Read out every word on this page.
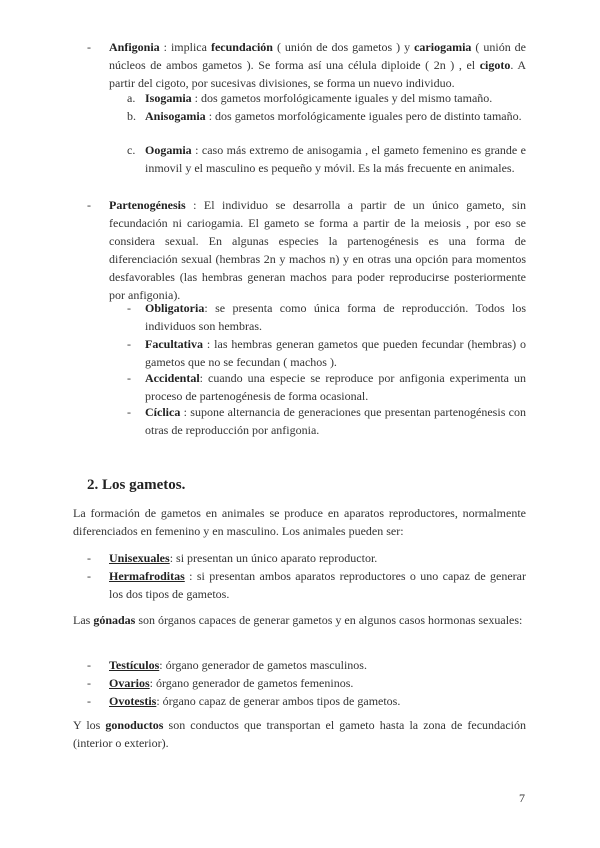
- Anfigonia : implica fecundación ( unión de dos gametos ) y cariogamia ( unión de núcleos de ambos gametos ). Se forma así una célula diploide ( 2n ) , el cigoto. A partir del cigoto, por sucesivas divisiones, se forma un nuevo individuo.
a. Isogamia : dos gametos morfológicamente iguales y del mismo tamaño.
b. Anisogamia : dos gametos morfológicamente iguales pero de distinto tamaño.
c. Oogamia : caso más extremo de anisogamia , el gameto femenino es grande e inmovil y el masculino es pequeño y móvil. Es la más frecuente en animales.
- Partenogénesis : El individuo se desarrolla a partir de un único gameto, sin fecundación ni cariogamia. El gameto se forma a partir de la meiosis , por eso se considera sexual. En algunas especies la partenogénesis es una forma de diferenciación sexual (hembras 2n y machos n) y en otras una opción para momentos desfavorables (las hembras generan machos para poder reproducirse posteriormente por anfigonia).
- Obligatoria: se presenta como única forma de reproducción. Todos los individuos son hembras.
- Facultativa : las hembras generan gametos que pueden fecundar (hembras) o gametos que no se fecundan ( machos ).
- Accidental: cuando una especie se reproduce por anfigonia experimenta un proceso de partenogénesis de forma ocasional.
- Cíclica : supone alternancia de generaciones que presentan partenogénesis con otras de reproducción por anfigonia.
2. Los gametos.
La formación de gametos en animales se produce en aparatos reproductores, normalmente diferenciados en femenino y en masculino. Los animales pueden ser:
- Unisexuales: si presentan un único aparato reproductor.
- Hermafroditas : si presentan ambos aparatos reproductores o uno capaz de generar los dos tipos de gametos.
Las gónadas son órganos capaces de generar gametos y en algunos casos hormonas sexuales:
- Testículos: órgano generador de gametos masculinos.
- Ovarios: órgano generador de gametos femeninos.
- Ovotestis: órgano capaz de generar ambos tipos de gametos.
Y los gonoductos son conductos que transportan el gameto hasta la zona de fecundación (interior o exterior).
7
